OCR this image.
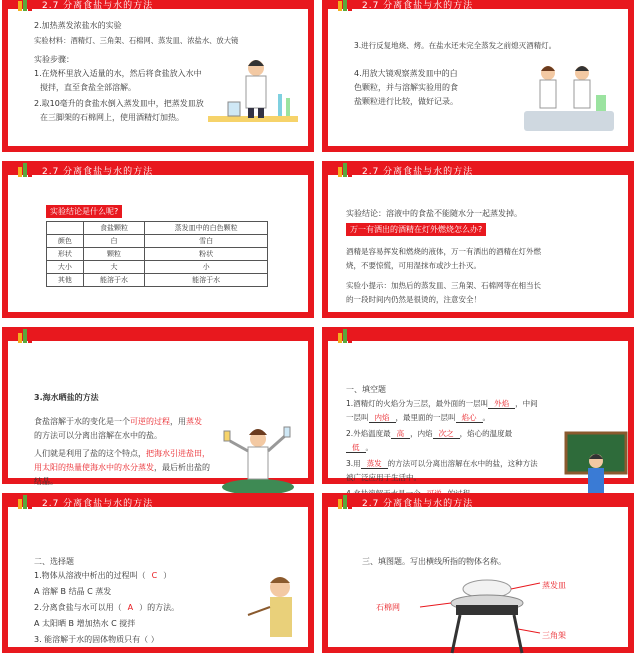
2.7 分离食盐与水的方法
2.加热蒸发浓盐水的实验
实验材料：酒精灯、三角架、石棉网、蒸发皿、浓盐水、放大镜
实验步骤：
1.在烧杯里放入适量的水，然后将食盐放入水中
搅拌，直至食盐全部溶解。
2.取10毫升的食盐水倒入蒸发皿中，把蒸发皿放
在三脚架的石棉网上，使用酒精灯加热。
2.7 分离食盐与水的方法
3.进行反复地烧、烤。在盐水还未完全蒸发之前熄灭酒精灯。
4.用放大镜观察蒸发皿中的白
色颗粒，并与溶解实验用的食
盐颗粒进行比较，做好记录。
2.7 分离食盐与水的方法
实验结论是什么呢?
	食盐颗粒	蒸发皿中的白色颗粒
颜色	白	雪白
形状	颗粒	粉状
大小	大	小
其他	能溶于水	能溶于水
2.7 分离食盐与水的方法
实验结论：溶液中的食盐不能随水分一起蒸发掉。
万一有洒出的酒精在灯外燃烧怎么办?
酒精是容易挥发和燃烧的液体，万一有洒出的酒精在灯外燃
烧，不要惊慌，可用湿抹布或沙土扑灭。
实验小提示：加热后的蒸发皿、三角架、石棉网等在相当长
的一段时间内仍然是很烫的，注意安全！
3.海水晒盐的方法
食盐溶解于水的变化是一个可逆的过程，用蒸发
的方法可以分离出溶解在水中的盐。
人们就是利用了盐的这个特点，把海水引进盐田，
用太阳的热量使海水中的水分蒸发，最后析出盐的
结晶。
一、填空题
1.酒精灯的火焰分为三层，最外面的一层叫 外焰 ，中间
一层叫 内焰 ，最里面的一层叫 焰心 。
2.外焰温度最 高 ，内焰 次之 ，焰心的温度最
低 。
3.用 蒸发 的方法可以分离出溶解在水中的盐，这种方法
被广泛应用于生活中。
2.7 分离食盐与水的方法
二、选择题
1.物体从溶液中析出的过程叫（ C ）
A 溶解 B 结晶 C 蒸发
2.分离食盐与水可以用（ A ）的方法。
A 太阳晒 B 增加热水 C 搅拌
3. 能溶解于水的固体物质只有（ ）
2.7 分离食盐与水的方法
三、填图题。写出横线所指的物体名称。
蒸发皿
石棉网
三角架
